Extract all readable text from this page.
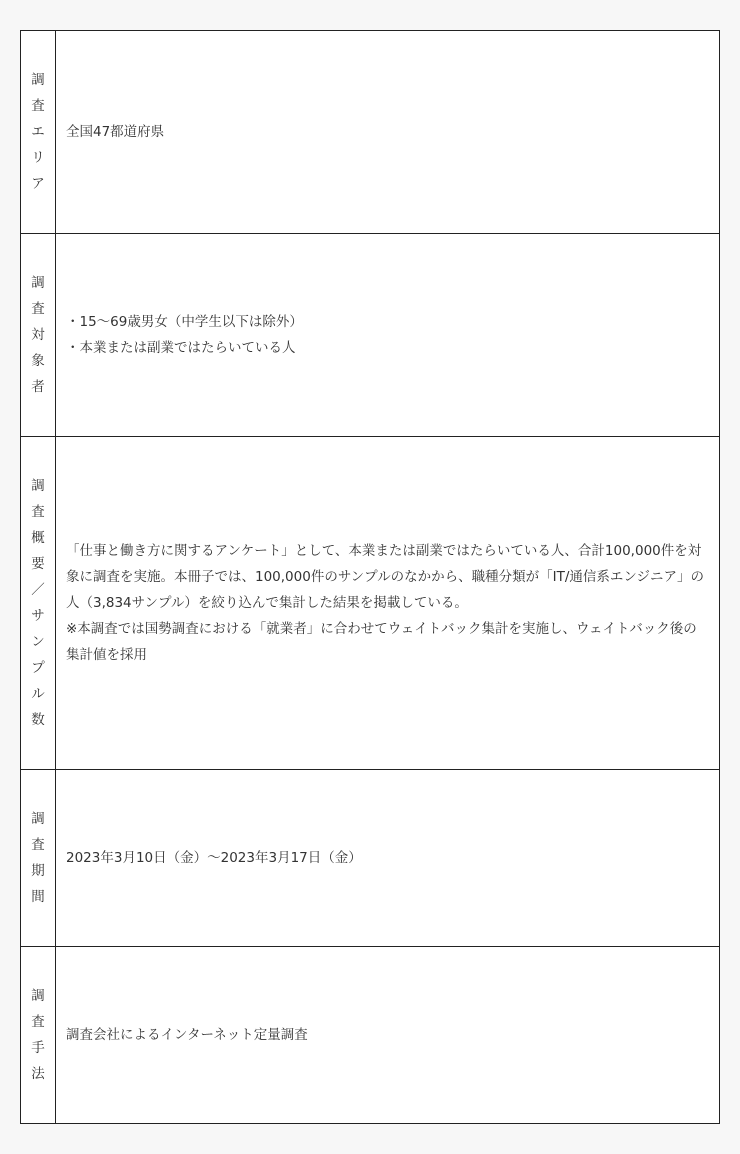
調査エリア	全国47都道府県

調査対象者	・15～69歳男女（中学生以下は除外）
・本業または副業ではたらいている人

調査概要／サンプル数	「仕事と働き方に関するアンケート」として、本業または副業ではたらいている人、合計100,000件を対象に調査を実施。本冊子では、100,000件のサンプルのなかから、職種分類が「IT/通信系エンジニア」の人（3,834サンプル）を絞り込んで集計した結果を掲載している。
※本調査では国勢調査における「就業者」に合わせてウェイトバック集計を実施し、ウェイトバック後の集計値を採用

調査期間	2023年3月10日（金）～2023年3月17日（金）

調査手法	調査会社によるインターネット定量調査
